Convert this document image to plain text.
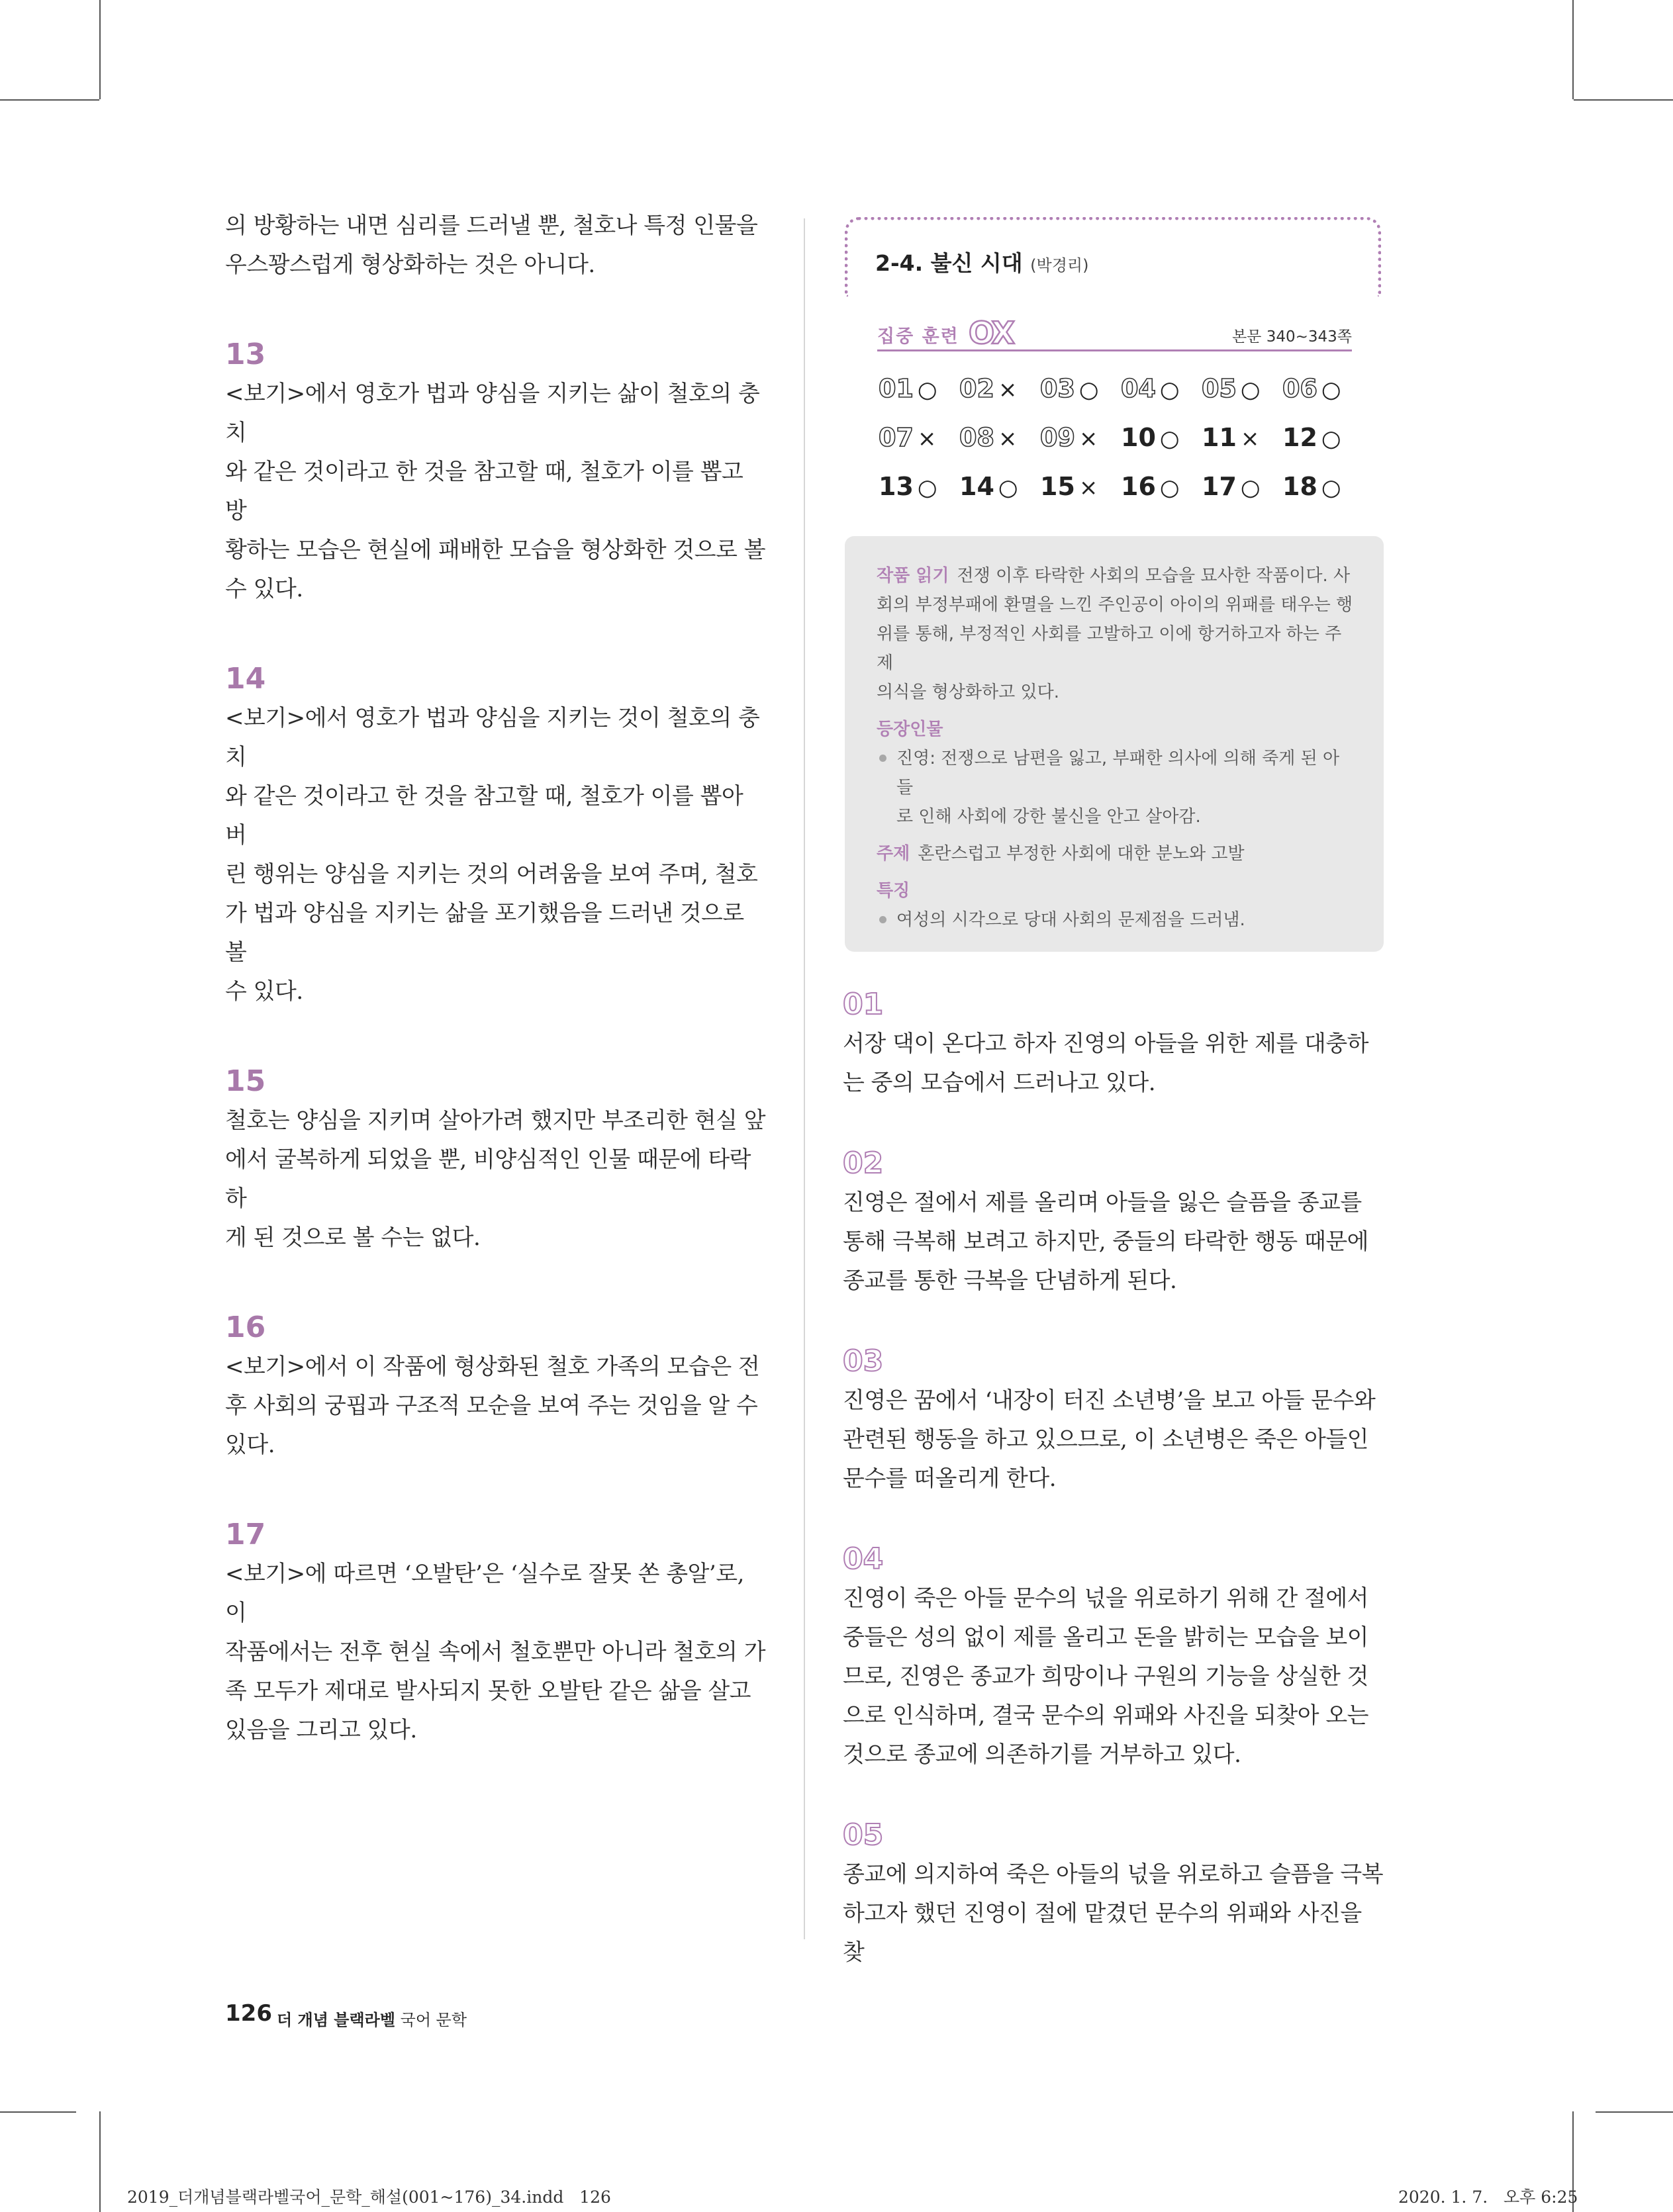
의 방황하는 내면 심리를 드러낼 뿐, 철호나 특정 인물을
우스꽝스럽게 형상화하는 것은 아니다.

13

<보기>에서 영호가 법과 양심을 지키는 삶이 철호의 충치
와 같은 것이라고 한 것을 참고할 때, 철호가 이를 뽑고 방
황하는 모습은 현실에 패배한 모습을 형상화한 것으로 볼
수 있다.

14

<보기>에서 영호가 법과 양심을 지키는 것이 철호의 충치
와 같은 것이라고 한 것을 참고할 때, 철호가 이를 뽑아 버
린 행위는 양심을 지키는 것의 어려움을 보여 주며, 철호
가 법과 양심을 지키는 삶을 포기했음을 드러낸 것으로 볼
수 있다.

15

철호는 양심을 지키며 살아가려 했지만 부조리한 현실 앞
에서 굴복하게 되었을 뿐, 비양심적인 인물 때문에 타락하
게 된 것으로 볼 수는 없다.

16

<보기>에서 이 작품에 형상화된 철호 가족의 모습은 전
후 사회의 궁핍과 구조적 모순을 보여 주는 것임을 알 수
있다.

17

<보기>에 따르면 ‘오발탄’은 ‘실수로 잘못 쏜 총알’로, 이
작품에서는 전후 현실 속에서 철호뿐만 아니라 철호의 가
족 모두가 제대로 발사되지 못한 오발탄 같은 삶을 살고
있음을 그리고 있다.

2-4. 불신 시대 (박경리)
집중 훈련 OX	본문 340~343쪽
01 ○ 02 × 03 ○ 04 ○ 05 ○ 06 ○
07 × 08 × 09 × 10 ○ 11 × 12 ○
13 ○ 14 ○ 15 × 16 ○ 17 ○ 18 ○

작품 읽기 전쟁 이후 타락한 사회의 모습을 묘사한 작품이다. 사
회의 부정부패에 환멸을 느낀 주인공이 아이의 위패를 태우는 행
위를 통해, 부정적인 사회를 고발하고 이에 항거하고자 하는 주제
의식을 형상화하고 있다.

등장인물

진영: 전쟁으로 남편을 잃고, 부패한 의사에 의해 죽게 된 아들
로 인해 사회에 강한 불신을 안고 살아감.

주제 혼란스럽고 부정한 사회에 대한 분노와 고발

특징

여성의 시각으로 당대 사회의 문제점을 드러냄.

01

서장 댁이 온다고 하자 진영의 아들을 위한 제를 대충하
는 중의 모습에서 드러나고 있다.

02

진영은 절에서 제를 올리며 아들을 잃은 슬픔을 종교를
통해 극복해 보려고 하지만, 중들의 타락한 행동 때문에
종교를 통한 극복을 단념하게 된다.

03

진영은 꿈에서 ‘내장이 터진 소년병’을 보고 아들 문수와
관련된 행동을 하고 있으므로, 이 소년병은 죽은 아들인
문수를 떠올리게 한다.

04

진영이 죽은 아들 문수의 넋을 위로하기 위해 간 절에서
중들은 성의 없이 제를 올리고 돈을 밝히는 모습을 보이
므로, 진영은 종교가 희망이나 구원의 기능을 상실한 것
으로 인식하며, 결국 문수의 위패와 사진을 되찾아 오는
것으로 종교에 의존하기를 거부하고 있다.

05

종교에 의지하여 죽은 아들의 넋을 위로하고 슬픔을 극복
하고자 했던 진영이 절에 맡겼던 문수의 위패와 사진을 찾

126 더 개념 블랙라벨 국어 문학
2019_더개념블랙라벨국어_문학_해설(001~176)_34.indd   126	2020. 1. 7.   오후 6:25
